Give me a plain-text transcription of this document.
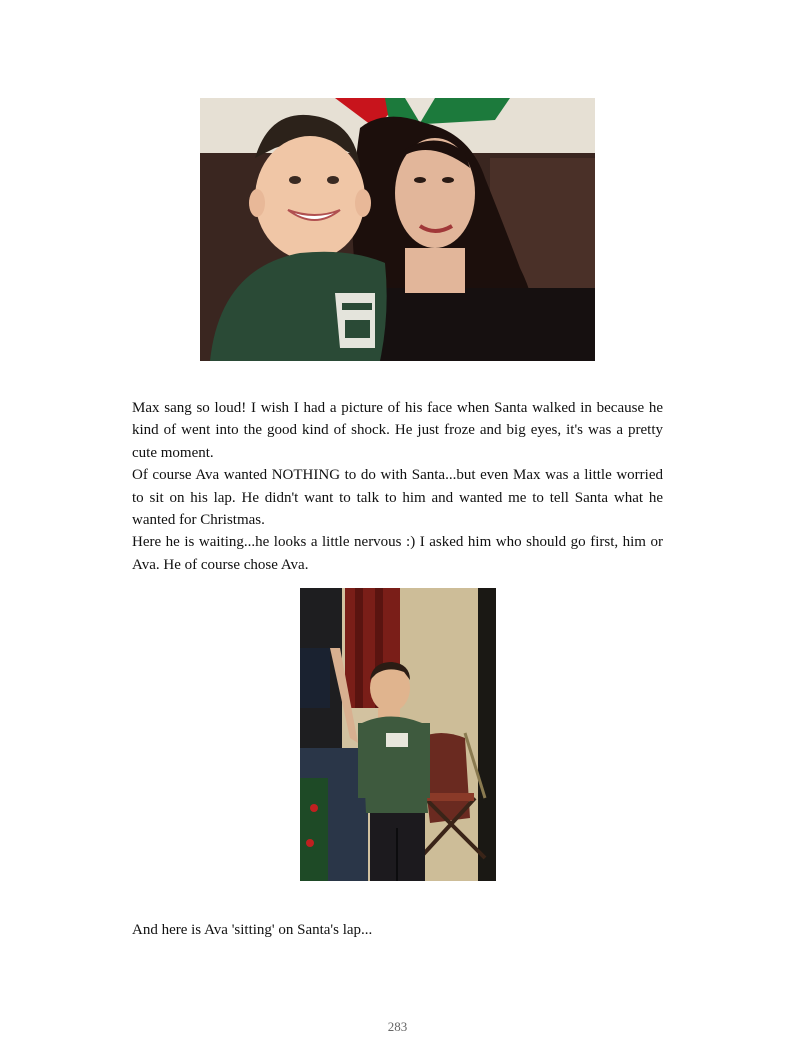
Max sang so loud! I wish I had a picture of his face when Santa walked in because he kind of went into the good kind of shock. He just froze and big eyes, it's was a pretty cute moment.

Of course Ava wanted NOTHING to do with Santa...but even Max was a little worried to sit on his lap. He didn't want to talk to him and wanted me to tell Santa what he wanted for Christmas.

Here he is waiting...he looks a little nervous :) I asked him who should go first, him or Ava. He of course chose Ava.

And here is Ava 'sitting' on Santa's lap...

283
